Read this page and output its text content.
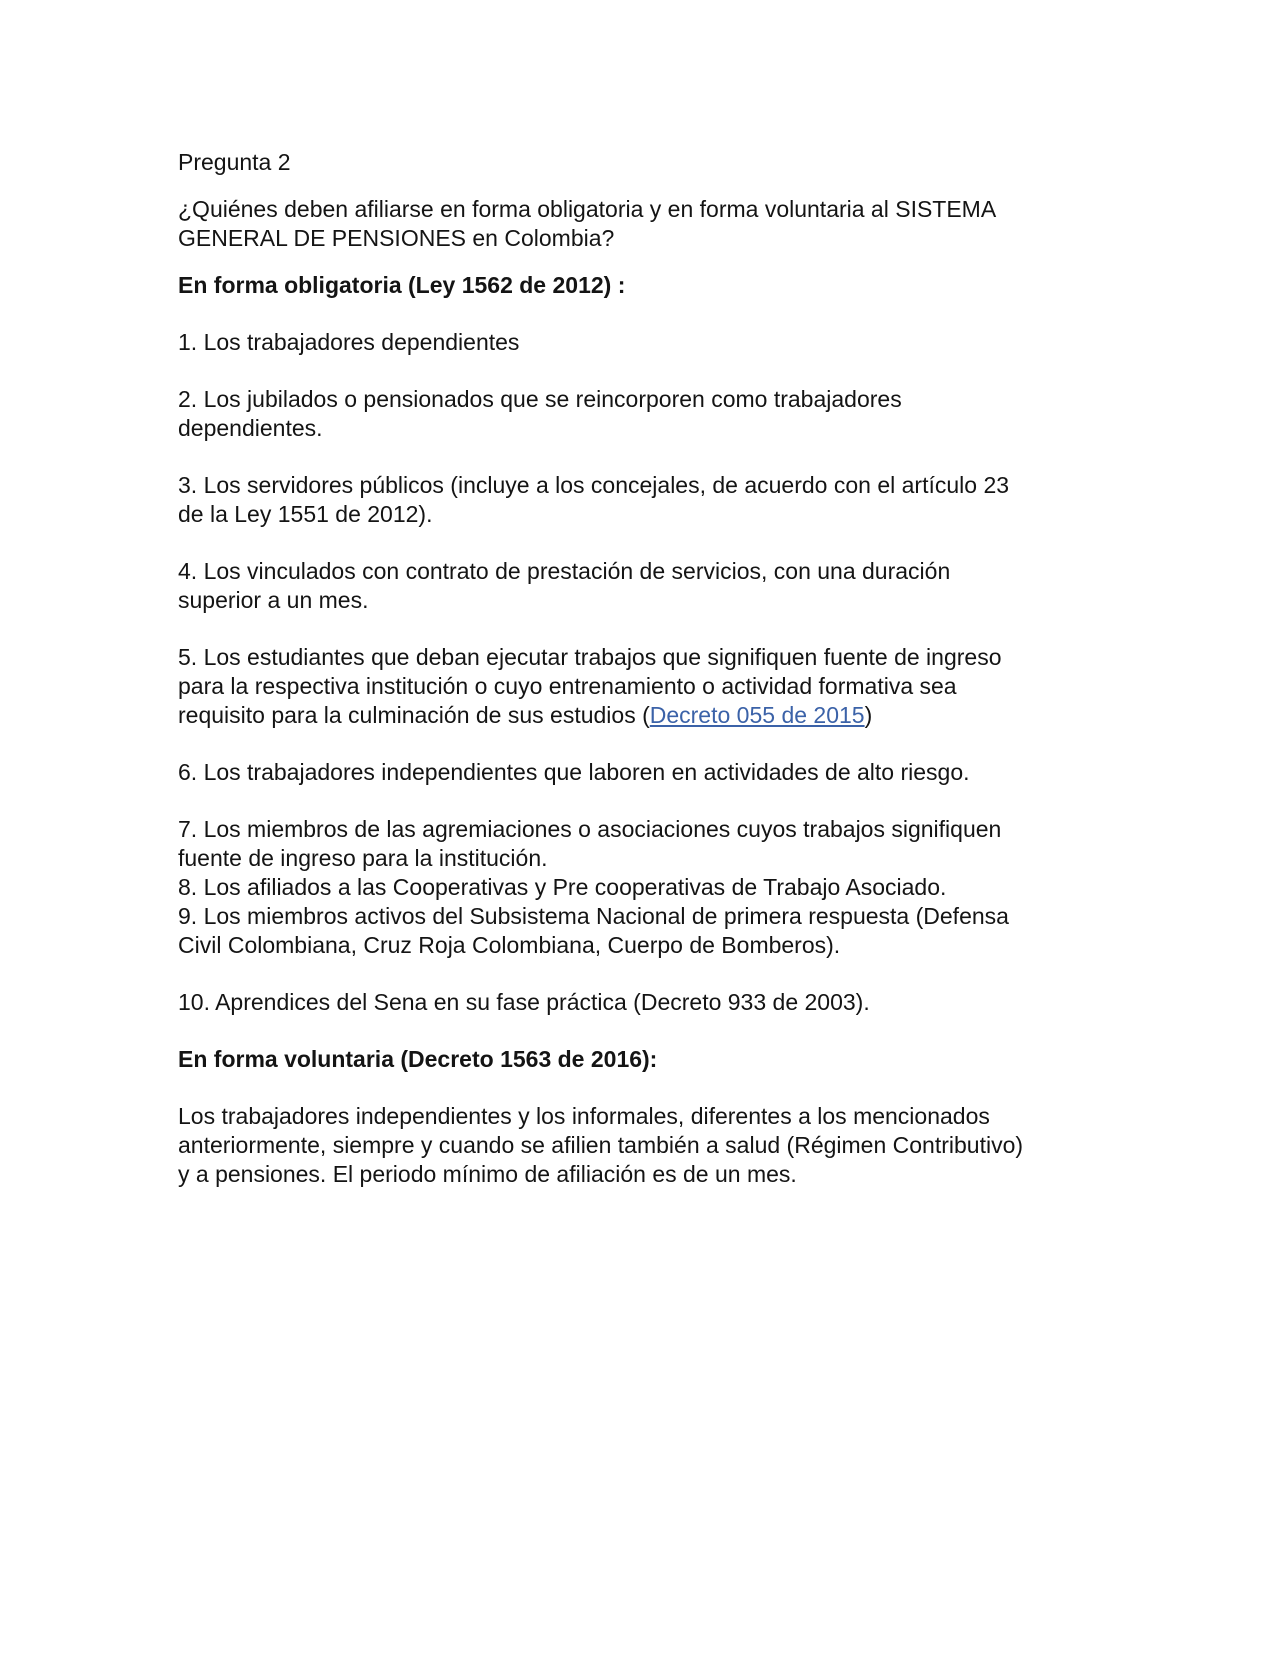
Pregunta 2

¿Quiénes deben afiliarse en forma obligatoria y en forma voluntaria al SISTEMA
GENERAL DE PENSIONES en Colombia?

En forma obligatoria (Ley 1562 de 2012) :

1. Los trabajadores dependientes

2. Los jubilados o pensionados que se reincorporen como trabajadores
dependientes.

3. Los servidores públicos (incluye a los concejales, de acuerdo con el artículo 23
de la Ley 1551 de 2012).

4. Los vinculados con contrato de prestación de servicios, con una duración
superior a un mes.

5. Los estudiantes que deban ejecutar trabajos que signifiquen fuente de ingreso
para la respectiva institución o cuyo entrenamiento o actividad formativa sea
requisito para la culminación de sus estudios (Decreto 055 de 2015)

6. Los trabajadores independientes que laboren en actividades de alto riesgo.

7. Los miembros de las agremiaciones o asociaciones cuyos trabajos signifiquen
fuente de ingreso para la institución.

8. Los afiliados a las Cooperativas y Pre cooperativas de Trabajo Asociado.

9. Los miembros activos del Subsistema Nacional de primera respuesta (Defensa
Civil Colombiana, Cruz Roja Colombiana, Cuerpo de Bomberos).

10. Aprendices del Sena en su fase práctica (Decreto 933 de 2003).

En forma voluntaria (Decreto 1563 de 2016):

Los trabajadores independientes y los informales, diferentes a los mencionados
anteriormente, siempre y cuando se afilien también a salud (Régimen Contributivo)
y a pensiones. El periodo mínimo de afiliación es de un mes.
